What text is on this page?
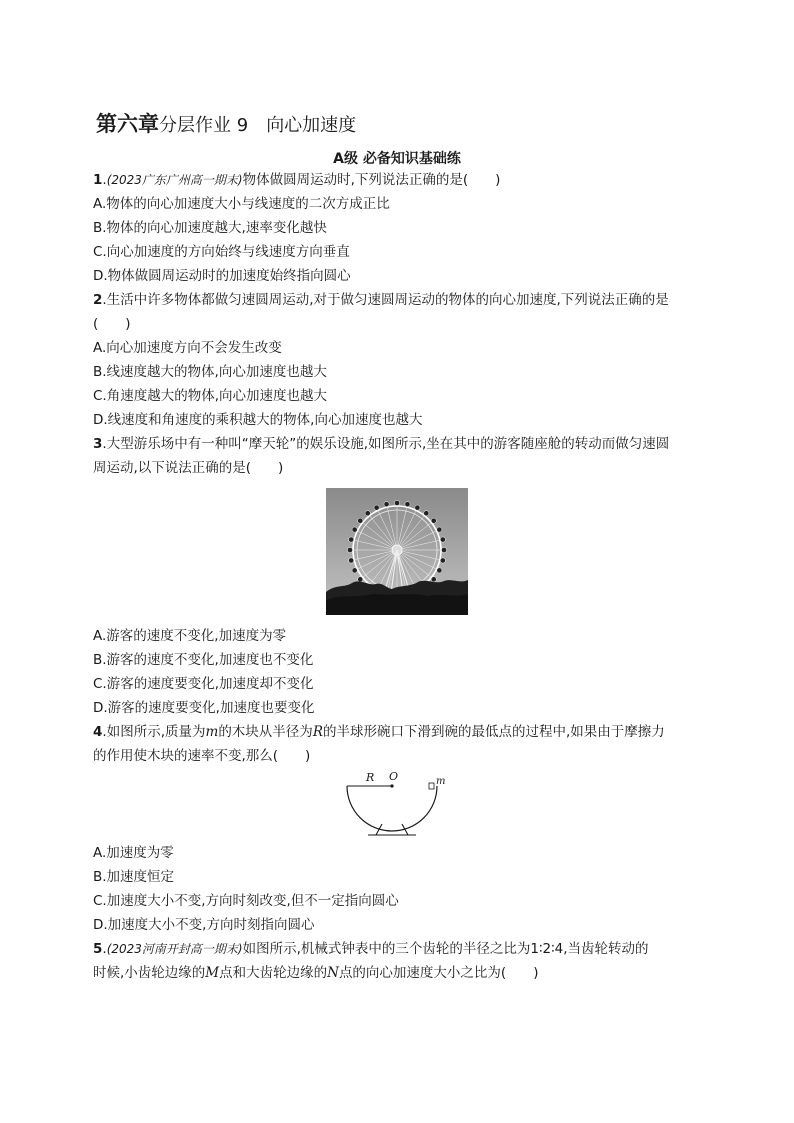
第六章分层作业 9 向心加速度
A级 必备知识基础练
1.(2023广东广州高一期末)物体做圆周运动时,下列说法正确的是(　　)
A.物体的向心加速度大小与线速度的二次方成正比
B.物体的向心加速度越大,速率变化越快
C.向心加速度的方向始终与线速度方向垂直
D.物体做圆周运动时的加速度始终指向圆心
2.生活中许多物体都做匀速圆周运动,对于做匀速圆周运动的物体的向心加速度,下列说法正确的是
(　　)
A.向心加速度方向不会发生改变
B.线速度越大的物体,向心加速度也越大
C.角速度越大的物体,向心加速度也越大
D.线速度和角速度的乘积越大的物体,向心加速度也越大
3.大型游乐场中有一种叫“摩天轮”的娱乐设施,如图所示,坐在其中的游客随座舱的转动而做匀速圆
周运动,以下说法正确的是(　　)
A.游客的速度不变化,加速度为零
B.游客的速度不变化,加速度也不变化
C.游客的速度要变化,加速度却不变化
D.游客的速度要变化,加速度也要变化
4.如图所示,质量为m的木块从半径为R的半球形碗口下滑到碗的最低点的过程中,如果由于摩擦力
的作用使木块的速率不变,那么(　　)
R O	m
A.加速度为零
B.加速度恒定
C.加速度大小不变,方向时刻改变,但不一定指向圆心
D.加速度大小不变,方向时刻指向圆心
5.(2023河南开封高一期末)如图所示,机械式钟表中的三个齿轮的半径之比为1∶2∶4,当齿轮转动的
时候,小齿轮边缘的M点和大齿轮边缘的N点的向心加速度大小之比为(　　)
